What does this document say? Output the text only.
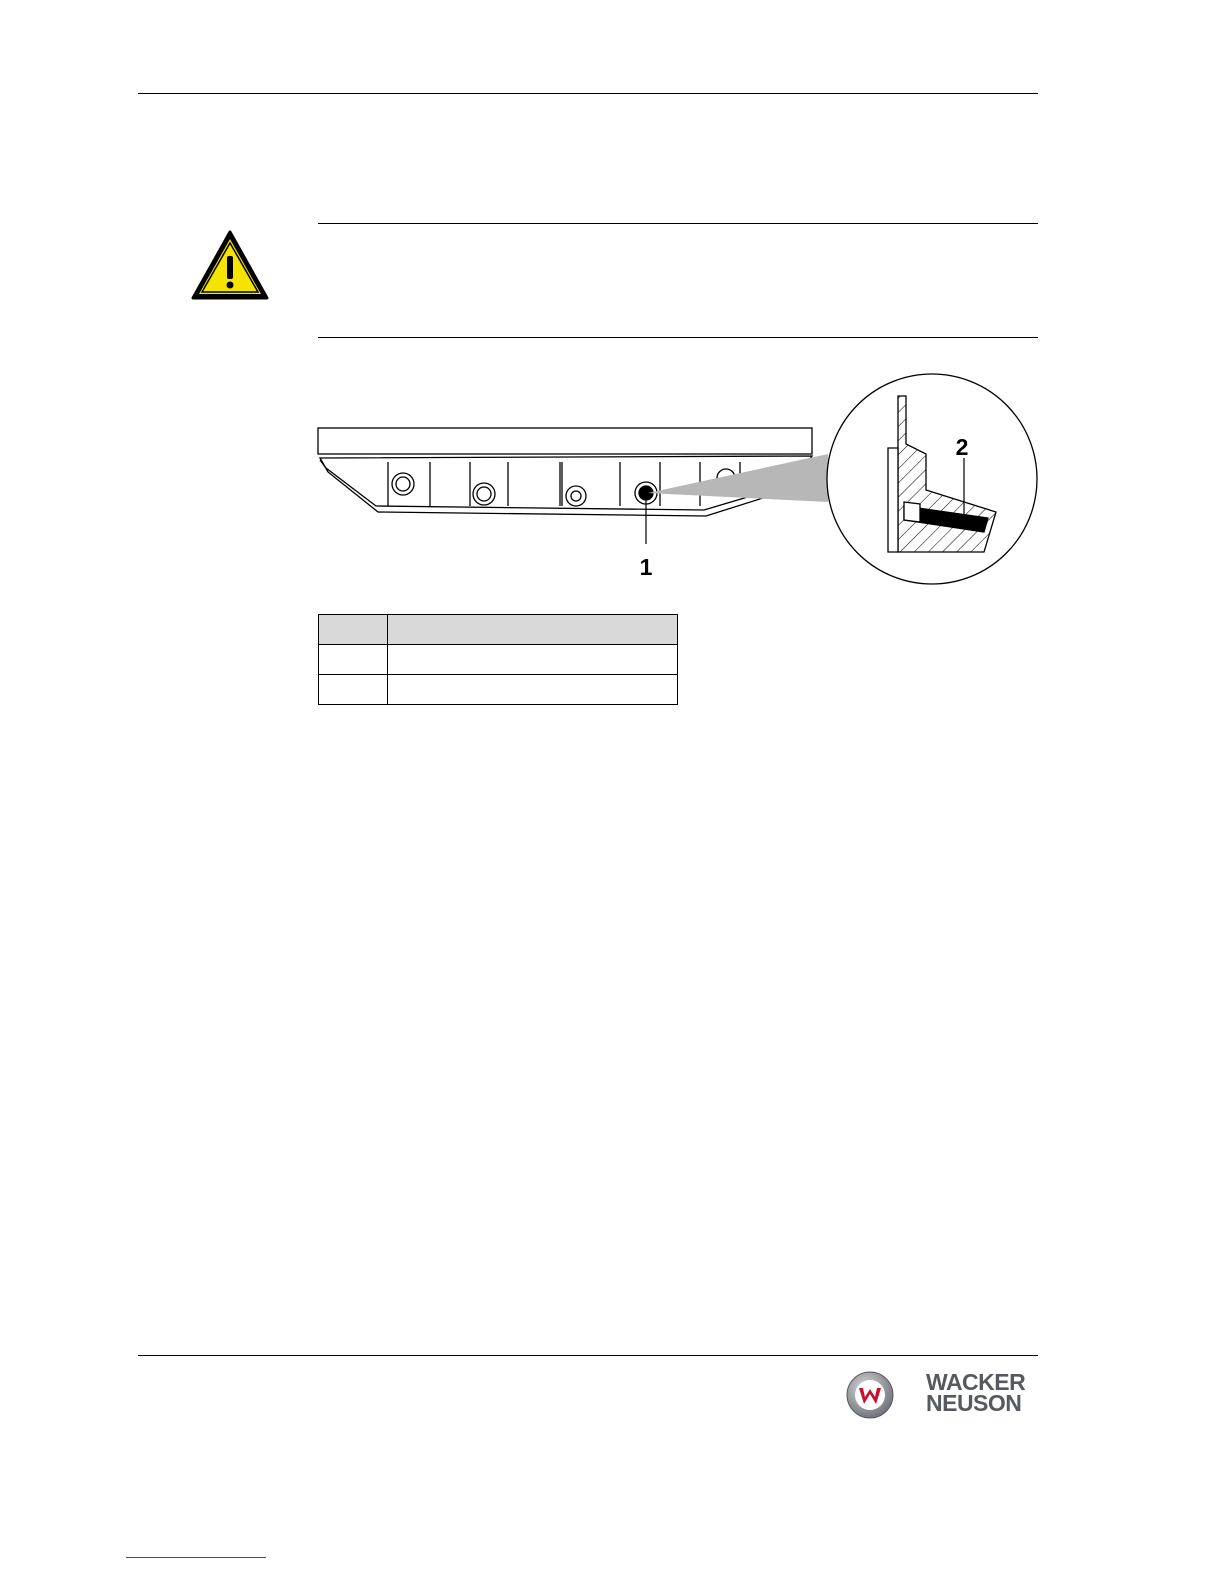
1
2

WACKER
NEUSON
